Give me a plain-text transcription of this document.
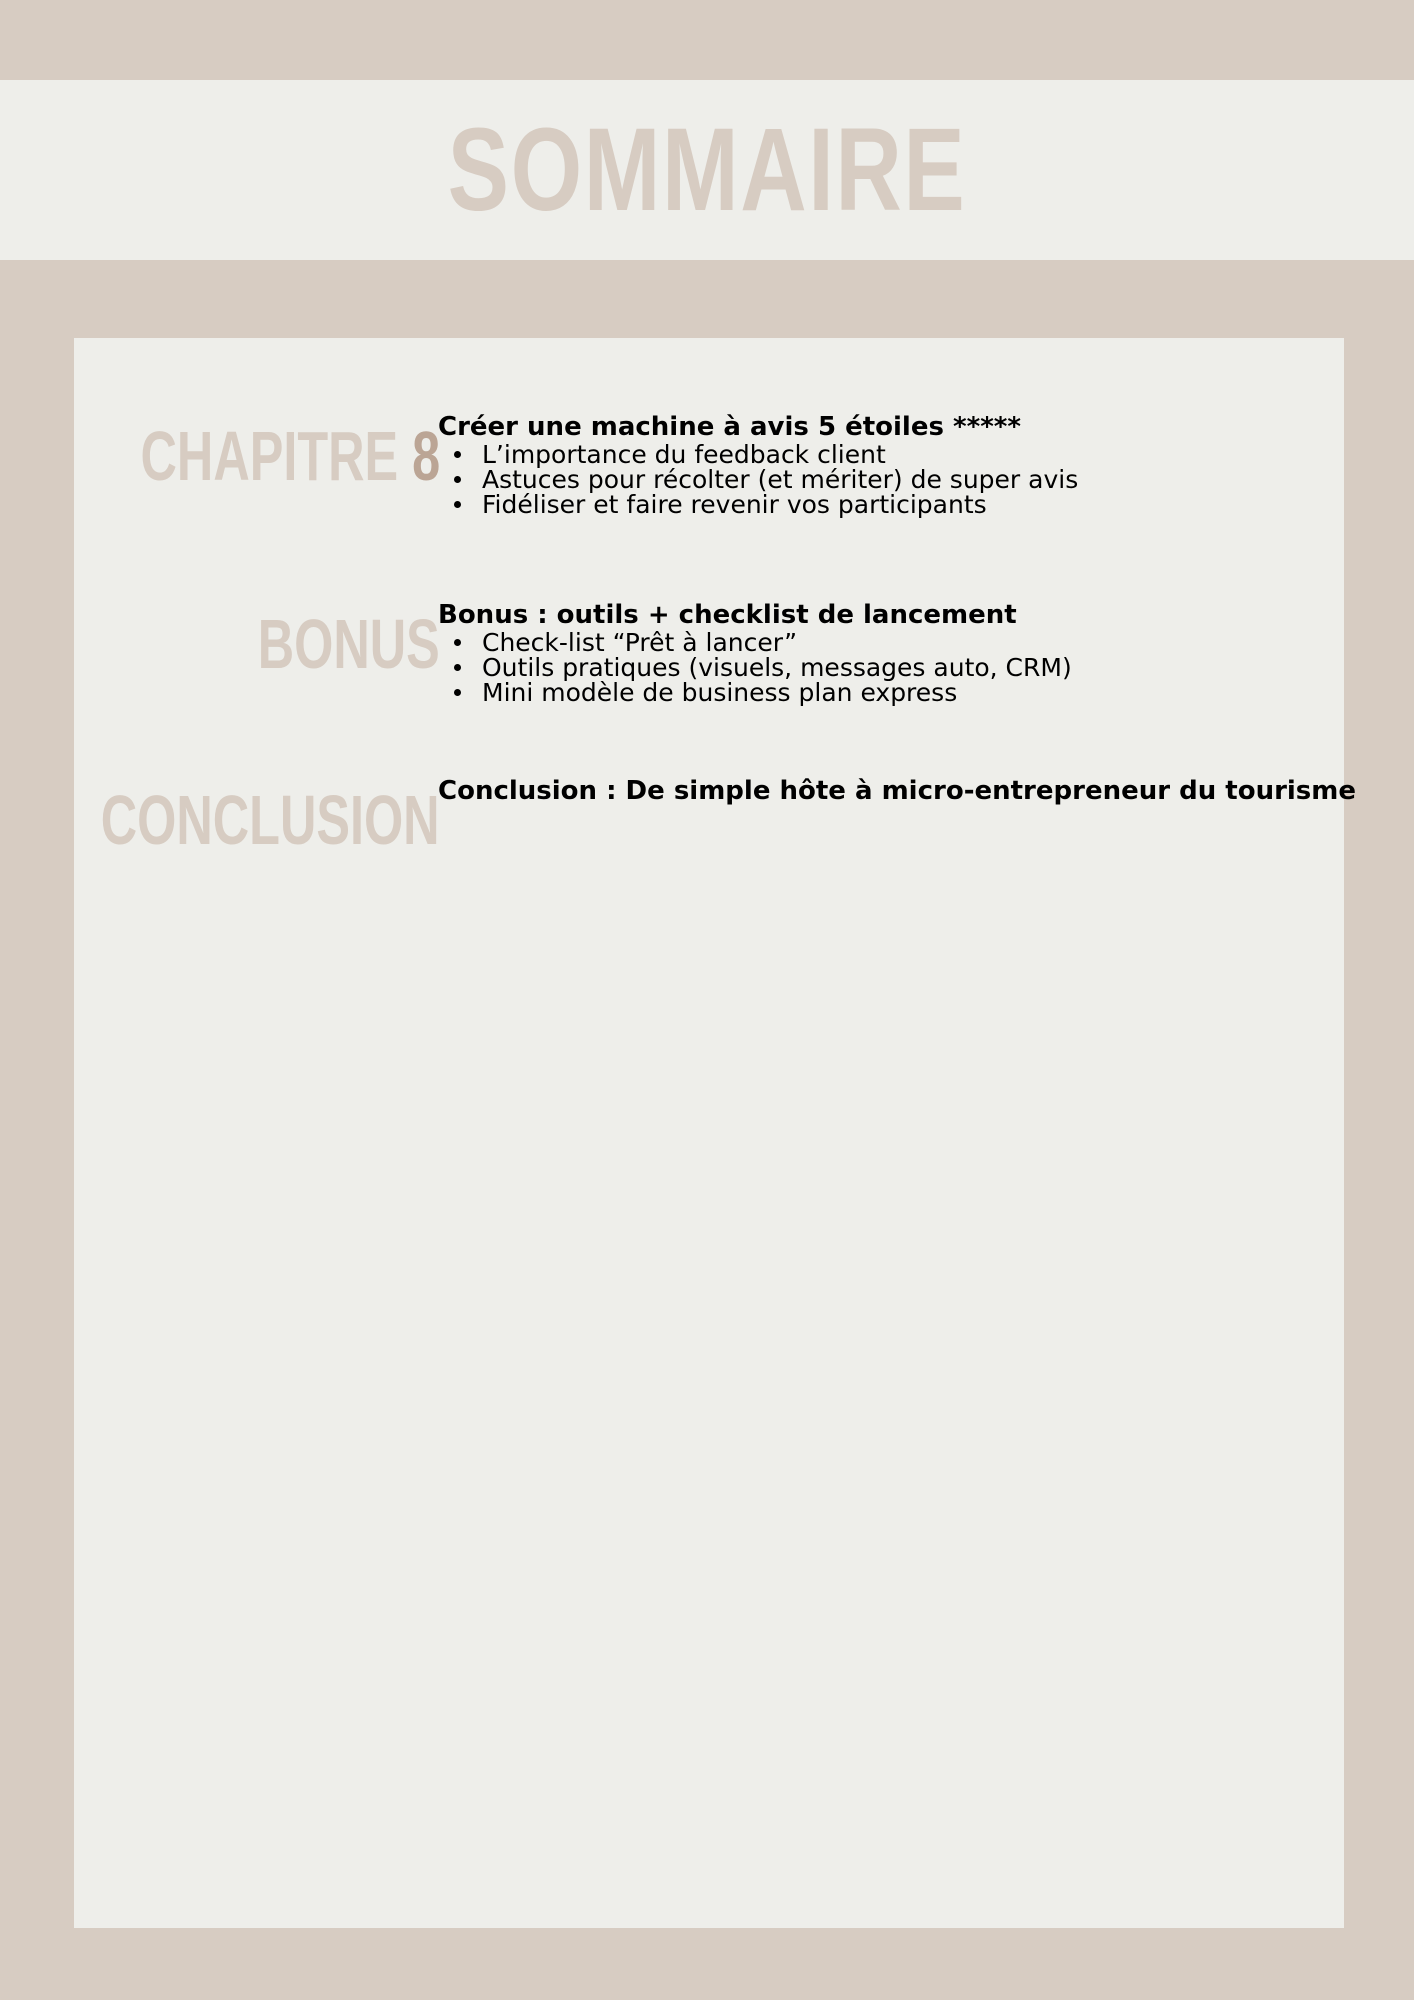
SOMMAIRE
CHAPITRE 8
Créer une machine à avis 5 étoiles *****
L’importance du feedback client
Astuces pour récolter (et mériter) de super avis
Fidéliser et faire revenir vos participants
BONUS
Bonus : outils + checklist de lancement
Check-list “Prêt à lancer”
Outils pratiques (visuels, messages auto, CRM)
Mini modèle de business plan express
CONCLUSION
Conclusion : De simple hôte à micro-entrepreneur du tourisme
